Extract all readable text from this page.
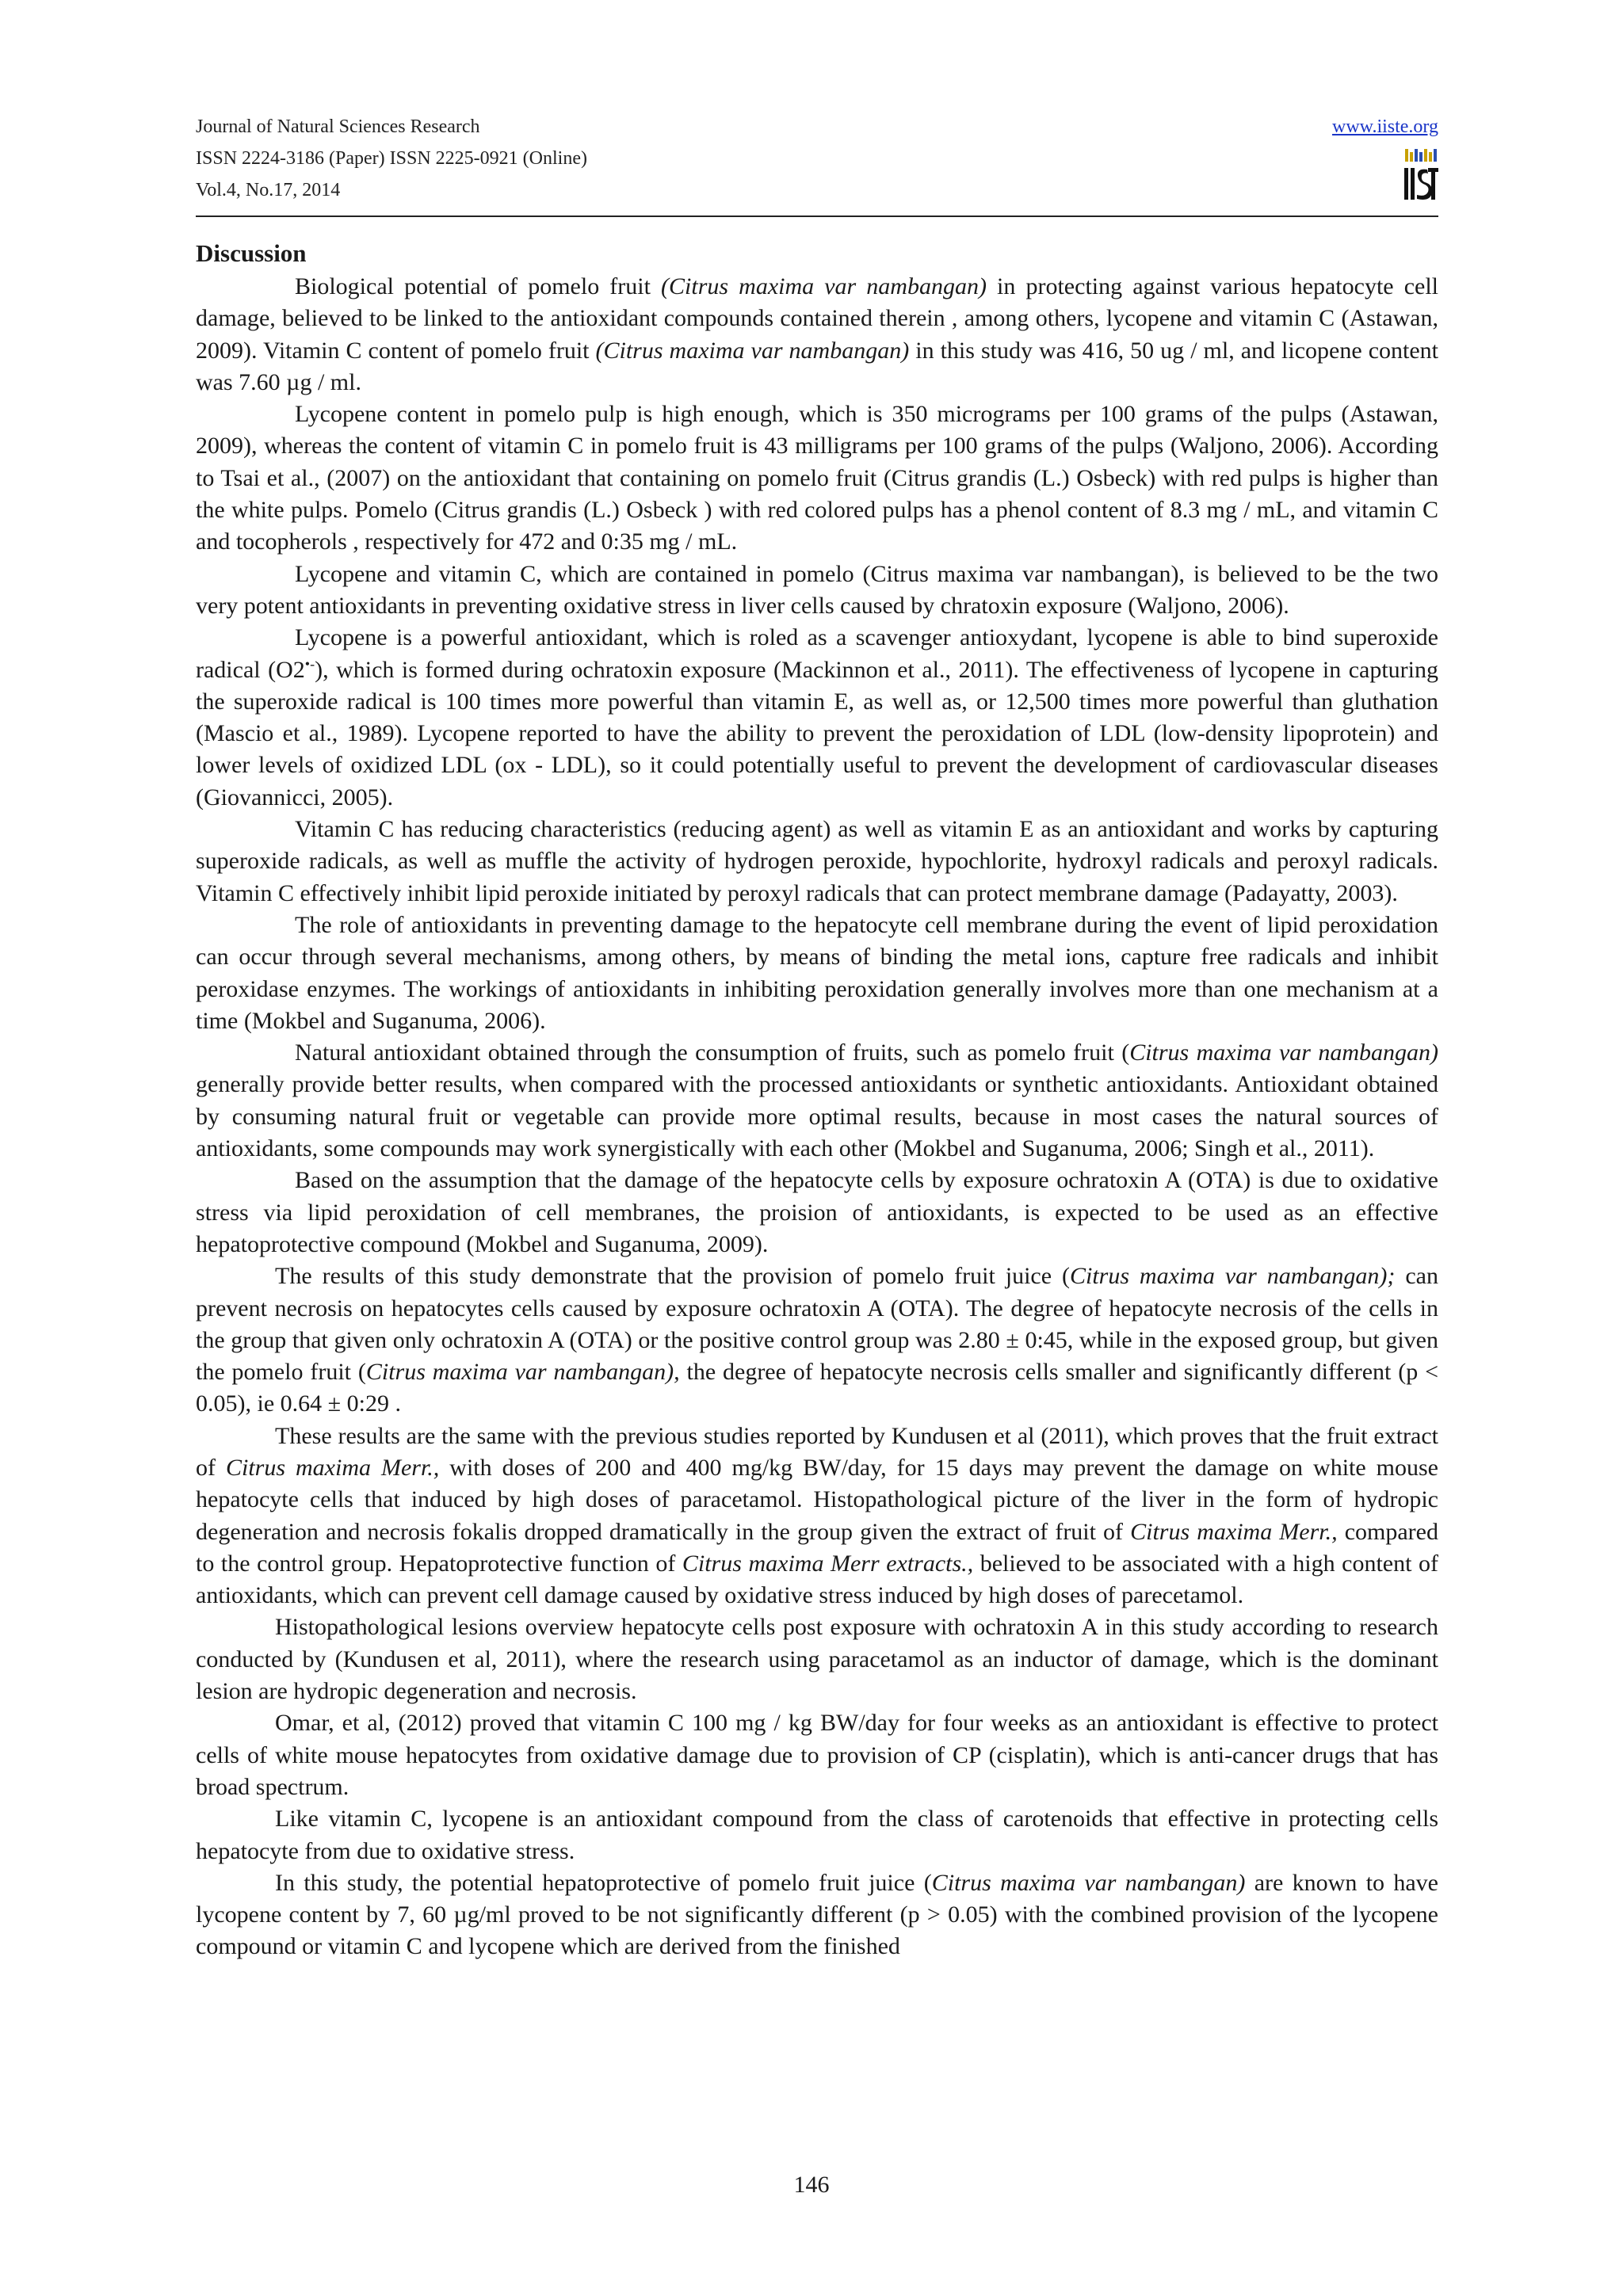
Journal of Natural Sciences Research
ISSN 2224-3186 (Paper) ISSN 2225-0921 (Online)
Vol.4, No.17, 2014
www.iiste.org
Discussion

Biological potential of pomelo fruit (Citrus maxima var nambangan) in protecting against various hepatocyte cell damage, believed to be linked to the antioxidant compounds contained therein , among others, lycopene and vitamin C (Astawan, 2009). Vitamin C content of pomelo fruit (Citrus maxima var nambangan) in this study was 416, 50 ug / ml, and licopene content was 7.60 µg / ml.

Lycopene content in pomelo pulp is high enough, which is 350 micrograms per 100 grams of the pulps (Astawan, 2009), whereas the content of vitamin C in pomelo fruit is 43 milligrams per 100 grams of the pulps (Waljono, 2006). According to Tsai et al., (2007) on the antioxidant that containing on pomelo fruit (Citrus grandis (L.) Osbeck) with red pulps is higher than the white pulps. Pomelo (Citrus grandis (L.) Osbeck ) with red colored pulps has a phenol content of 8.3 mg / mL, and vitamin C and tocopherols , respectively for 472 and 0:35 mg / mL.

Lycopene and vitamin C, which are contained in pomelo (Citrus maxima var nambangan), is believed to be the two very potent antioxidants in preventing oxidative stress in liver cells caused by chratoxin exposure (Waljono, 2006).

Lycopene is a powerful antioxidant, which is roled as a scavenger antioxydant, lycopene is able to bind superoxide radical (O2•-), which is formed during ochratoxin exposure (Mackinnon et al., 2011). The effectiveness of lycopene in capturing the superoxide radical is 100 times more powerful than vitamin E, as well as, or 12,500 times more powerful than gluthation (Mascio et al., 1989). Lycopene reported to have the ability to prevent the peroxidation of LDL (low-density lipoprotein) and lower levels of oxidized LDL (ox - LDL), so it could potentially useful to prevent the development of cardiovascular diseases (Giovannicci, 2005).

Vitamin C has reducing characteristics (reducing agent) as well as vitamin E as an antioxidant and works by capturing superoxide radicals, as well as muffle the activity of hydrogen peroxide, hypochlorite, hydroxyl radicals and peroxyl radicals. Vitamin C effectively inhibit lipid peroxide initiated by peroxyl radicals that can protect membrane damage (Padayatty, 2003).

The role of antioxidants in preventing damage to the hepatocyte cell membrane during the event of lipid peroxidation can occur through several mechanisms, among others, by means of binding the metal ions, capture free radicals and inhibit peroxidase enzymes. The workings of antioxidants in inhibiting peroxidation generally involves more than one mechanism at a time (Mokbel and Suganuma, 2006).

Natural antioxidant obtained through the consumption of fruits, such as pomelo fruit (Citrus maxima var nambangan) generally provide better results, when compared with the processed antioxidants or synthetic antioxidants. Antioxidant obtained by consuming natural fruit or vegetable can provide more optimal results, because in most cases the natural sources of antioxidants, some compounds may work synergistically with each other (Mokbel and Suganuma, 2006; Singh et al., 2011).

Based on the assumption that the damage of the hepatocyte cells by exposure ochratoxin A (OTA) is due to oxidative stress via lipid peroxidation of cell membranes, the proision of antioxidants, is expected to be used as an effective hepatoprotective compound (Mokbel and Suganuma, 2009).

The results of this study demonstrate that the provision of pomelo fruit juice (Citrus maxima var nambangan); can prevent necrosis on hepatocytes cells caused by exposure ochratoxin A (OTA). The degree of hepatocyte necrosis of the cells in the group that given only ochratoxin A (OTA) or the positive control group was 2.80 ± 0:45, while in the exposed group, but given the pomelo fruit (Citrus maxima var nambangan), the degree of hepatocyte necrosis cells smaller and significantly different (p < 0.05), ie 0.64 ± 0:29 .

These results are the same with the previous studies reported by Kundusen et al (2011), which proves that the fruit extract of Citrus maxima Merr., with doses of 200 and 400 mg/kg BW/day, for 15 days may prevent the damage on white mouse hepatocyte cells that induced by high doses of paracetamol. Histopathological picture of the liver in the form of hydropic degeneration and necrosis fokalis dropped dramatically in the group given the extract of fruit of Citrus maxima Merr., compared to the control group. Hepatoprotective function of Citrus maxima Merr extracts., believed to be associated with a high content of antioxidants, which can prevent cell damage caused by oxidative stress induced by high doses of parecetamol.

Histopathological lesions overview hepatocyte cells post exposure with ochratoxin A in this study according to research conducted by (Kundusen et al, 2011), where the research using paracetamol as an inductor of damage, which is the dominant lesion are hydropic degeneration and necrosis.

Omar, et al, (2012) proved that vitamin C 100 mg / kg BW/day for four weeks as an antioxidant is effective to protect cells of white mouse hepatocytes from oxidative damage due to provision of CP (cisplatin), which is anti-cancer drugs that has broad spectrum.

Like vitamin C, lycopene is an antioxidant compound from the class of carotenoids that effective in protecting cells hepatocyte from due to oxidative stress.

In this study, the potential hepatoprotective of pomelo fruit juice (Citrus maxima var nambangan) are known to have lycopene content by 7, 60 µg/ml proved to be not significantly different (p > 0.05) with the combined provision of the lycopene compound or vitamin C and lycopene which are derived from the finished

146
